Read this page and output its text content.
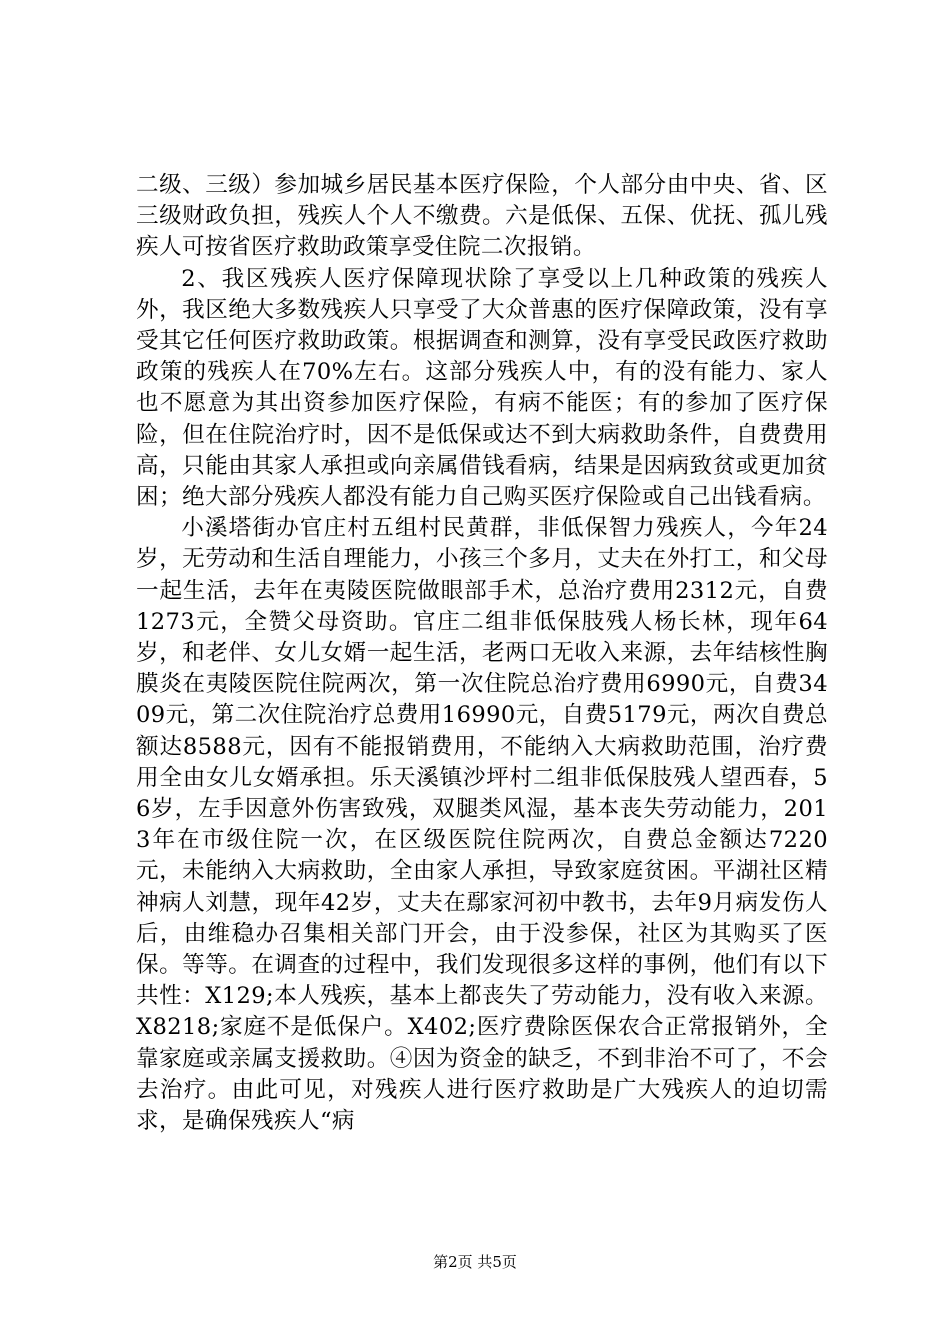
二级、三级）参加城乡居民基本医疗保险，个人部分由中央、省、区三级财政负担，残疾人个人不缴费。六是低保、五保、优抚、孤儿残疾人可按省医疗救助政策享受住院二次报销。

2、我区残疾人医疗保障现状除了享受以上几种政策的残疾人外，我区绝大多数残疾人只享受了大众普惠的医疗保障政策，没有享受其它任何医疗救助政策。根据调查和测算，没有享受民政医疗救助政策的残疾人在70%左右。这部分残疾人中，有的没有能力、家人也不愿意为其出资参加医疗保险，有病不能医；有的参加了医疗保险，但在住院治疗时，因不是低保或达不到大病救助条件，自费费用高，只能由其家人承担或向亲属借钱看病，结果是因病致贫或更加贫困；绝大部分残疾人都没有能力自己购买医疗保险或自己出钱看病。

小溪塔街办官庄村五组村民黄群，非低保智力残疾人，今年24岁，无劳动和生活自理能力，小孩三个多月，丈夫在外打工，和父母一起生活，去年在夷陵医院做眼部手术，总治疗费用2312元，自费1273元，全赞父母资助。官庄二组非低保肢残人杨长林，现年64岁，和老伴、女儿女婿一起生活，老两口无收入来源，去年结核性胸膜炎在夷陵医院住院两次，第一次住院总治疗费用6990元，自费3409元，第二次住院治疗总费用16990元，自费5179元，两次自费总额达8588元，因有不能报销费用，不能纳入大病救助范围，治疗费用全由女儿女婿承担。乐天溪镇沙坪村二组非低保肢残人望西春，56岁，左手因意外伤害致残，双腿类风湿，基本丧失劳动能力，2013年在市级住院一次，在区级医院住院两次，自费总金额达7220元，未能纳入大病救助，全由家人承担，导致家庭贫困。平湖社区精神病人刘慧，现年42岁，丈夫在鄢家河初中教书，去年9月病发伤人后，由维稳办召集相关部门开会，由于没参保，社区为其购买了医保。等等。在调查的过程中，我们发现很多这样的事例，他们有以下共性：X129;本人残疾，基本上都丧失了劳动能力，没有收入来源。X8218;家庭不是低保户。X402;医疗费除医保农合正常报销外，全靠家庭或亲属支援救助。④因为资金的缺乏，不到非治不可了，不会去治疗。由此可见，对残疾人进行医疗救助是广大残疾人的迫切需求，是确保残疾人“病

第2页 共5页
